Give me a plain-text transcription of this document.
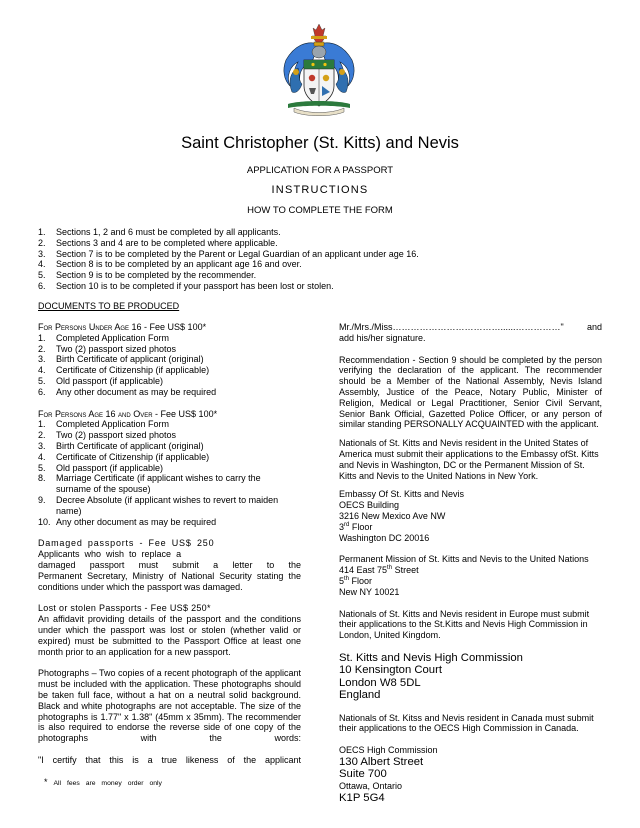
Saint Christopher (St. Kitts) and Nevis
APPLICATION FOR A PASSPORT
INSTRUCTIONS
HOW TO COMPLETE THE FORM
1.	Sections 1, 2 and 6 must be completed by all applicants.
2.	Sections 3 and 4 are to be completed where applicable.
3.	Section 7 is to be completed by the Parent or Legal Guardian of an applicant under age 16.
4.	Section 8 is to be completed by an applicant age 16 and over.
5.	Section 9 is to be completed by the recommender.
6.	Section 10 is to be completed if your passport has been lost or stolen.
DOCUMENTS TO BE PRODUCED
For Persons Under Age 16 - Fee US$ 100*
1.	Completed Application Form
2.	Two (2) passport sized photos
3.	Birth Certificate of applicant (original)
4.	Certificate of Citizenship (if applicable)
5.	Old passport (if applicable)
6.	Any other document as may be required
For Persons Age 16 and Over - Fee US$ 100*
1.	Completed Application Form
2.	Two (2) passport sized photos
3.	Birth Certificate of applicant (original)
4.	Certificate of Citizenship (if applicable)
5.	Old passport (if applicable)
8.	Marriage Certificate (if applicant wishes to carry the
surname of the spouse)
9.	Decree Absolute (if applicant wishes to revert to maiden
name)
10. Any other document as may be required
Damaged passports - Fee US$ 250
Applicants who wish to replace a
damaged passport must submit a letter to the
Permanent Secretary, Ministry of National Security stating the conditions under which the passport was damaged.
Lost or stolen Passports - Fee US$ 250*
An affidavit providing details of the passport and the conditions under which the passport was lost or stolen (whether valid or expired) must be submitted to the Passport Office at least one month prior to an application for a new passport.
Photographs – Two copies of a recent photograph of the applicant must be included with the application. These photographs should be taken full face, without a hat on a neutral solid background. Black and white photographs are not acceptable. The size of the photographs is 1.77" x 1.38" (45mm x 35mm). The recommender is also required to endorse the reverse side of one copy of the photographs with the words:
"I certify that this is a true likeness of the applicant
* All fees are money order only
Mr./Mrs./Miss………………………………......……………" and
add his/her signature.
Recommendation - Section 9 should be completed by the person verifying the declaration of the applicant. The recommender should be a Member of the National Assembly, Nevis Island Assembly, Justice of the Peace, Notary Public, Minister of Religion, Medical or Legal Practitioner, Senior Civil Servant, Senior Bank Official, Gazetted Police Officer, or any person of similar standing PERSONALLY ACQUAINTED with the applicant.
Nationals of St. Kitts and Nevis resident in the United States of America must submit their applications to the Embassy ofSt. Kitts and Nevis in Washington, DC or the Permanent Mission of St. Kitts and Nevis to the United Nations in New York.
Embassy Of St. Kitts and Nevis
OECS Building
3216 New Mexico Ave NW
3rd Floor
Washington DC 20016
Permanent Mission of St. Kitts and Nevis to the United Nations
414 East 75th Street
5th Floor
New NY 10021
Nationals of St. Kitts and Nevis resident in Europe must submit their applications to the St.Kitts and Nevis High Commission in London, United Kingdom.
St. Kitts and Nevis High Commission
10 Kensington Court
London W8 5DL
England
Nationals of St. Kitss and Nevis resident in Canada must submit their applications to the OECS High Commission in Canada.
OECS High Commission
130 Albert Street
Suite 700
Ottawa, Ontario
K1P 5G4
